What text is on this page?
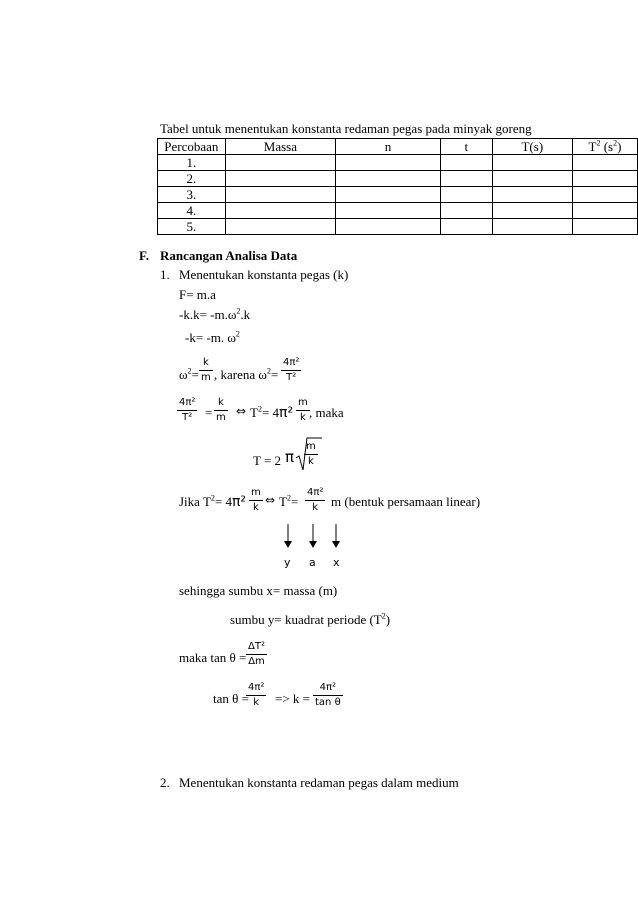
Tabel untuk menentukan konstanta redaman pegas pada minyak goreng
Percobaan	Massa	n	t	T(s)	$T^2$ $(s^2)$
1.					
2.					
3.					
4.					
5.					
F. Rancangan Analisa Data
1. Menentukan konstanta pegas (k)
F= m.a
$-k.k= -m.\omega^2.k$
-k= -m. $\omega^2$
$\omega^2=$
k
m , karena $\omega^2=$
4π²
T²
4π²
T² =
k
m ⇔ $T^2= 4\pi^2$
m
k , maka
T = 2 π
m
k
Jika $T^2= 4\pi^2$
m
k
⇔ $T^2=$
4π²
k m (bentuk persamaan linear)
y a x
sehingga sumbu x= massa (m)
sumbu y= kuadrat periode $(T^2)$
maka tan θ =
ΔT²
Δm
tan θ =
4π²
k => k =
4π²
tan θ
2. Menentukan konstanta redaman pegas dalam medium
